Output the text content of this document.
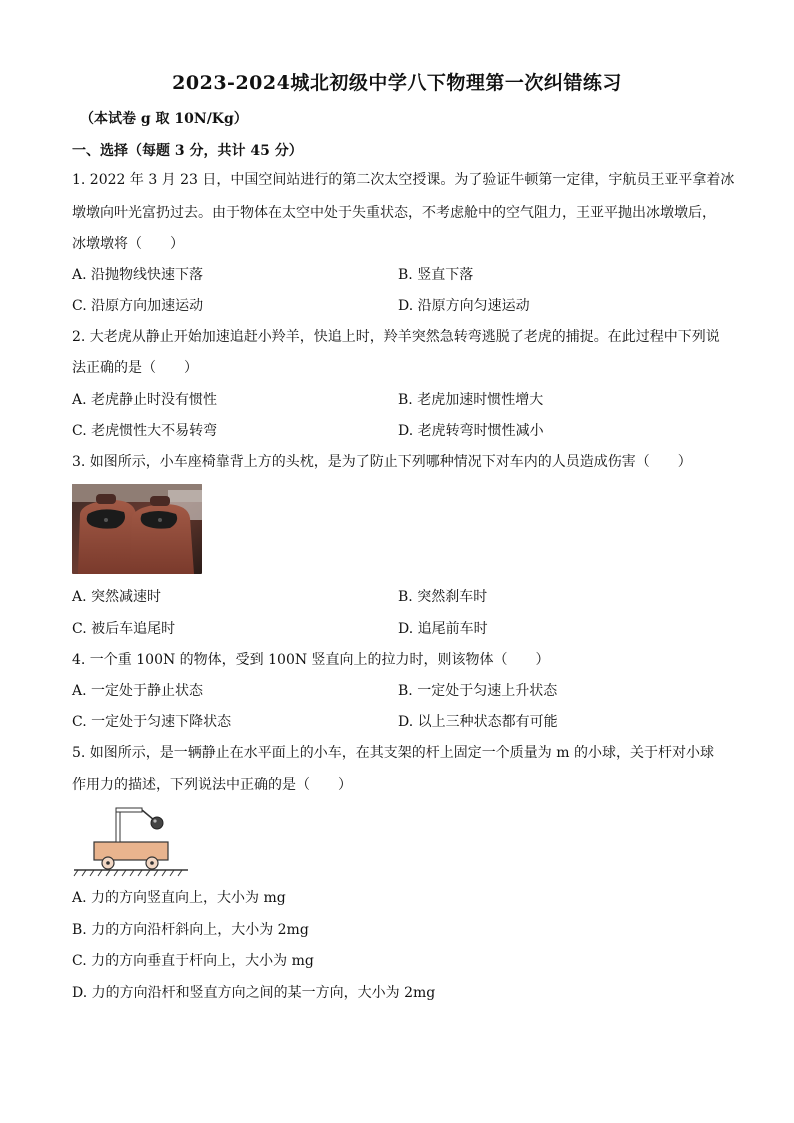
2023-2024城北初级中学八下物理第一次纠错练习
（本试卷 g 取 10N/Kg）
一、选择（每题 3 分，共计 45 分）
1. 2022 年 3 月 23 日，中国空间站进行的第二次太空授课。为了验证牛顿第一定律，宇航员王亚平拿着冰
墩墩向叶光富扔过去。由于物体在太空中处于失重状态，不考虑舱中的空气阻力，王亚平抛出冰墩墩后，
冰墩墩将（　　）
A. 沿抛物线快速下落	B. 竖直下落
C. 沿原方向加速运动	D. 沿原方向匀速运动
2. 大老虎从静止开始加速追赶小羚羊，快追上时，羚羊突然急转弯逃脱了老虎的捕捉。在此过程中下列说
法正确的是（　　）
A. 老虎静止时没有惯性	B. 老虎加速时惯性增大
C. 老虎惯性大不易转弯	D. 老虎转弯时惯性减小
3. 如图所示，小车座椅靠背上方的头枕，是为了防止下列哪种情况下对车内的人员造成伤害（　　）
A. 突然减速时	B. 突然刹车时
C. 被后车追尾时	D. 追尾前车时
4. 一个重 100N 的物体，受到 100N 竖直向上的拉力时，则该物体（　　）
A. 一定处于静止状态	B. 一定处于匀速上升状态
C. 一定处于匀速下降状态	D. 以上三种状态都有可能
5. 如图所示，是一辆静止在水平面上的小车，在其支架的杆上固定一个质量为 m 的小球，关于杆对小球
作用力的描述，下列说法中正确的是（　　）
A. 力的方向竖直向上，大小为 mg
B. 力的方向沿杆斜向上，大小为 2mg
C. 力的方向垂直于杆向上，大小为 mg
D. 力的方向沿杆和竖直方向之间的某一方向，大小为 2mg
